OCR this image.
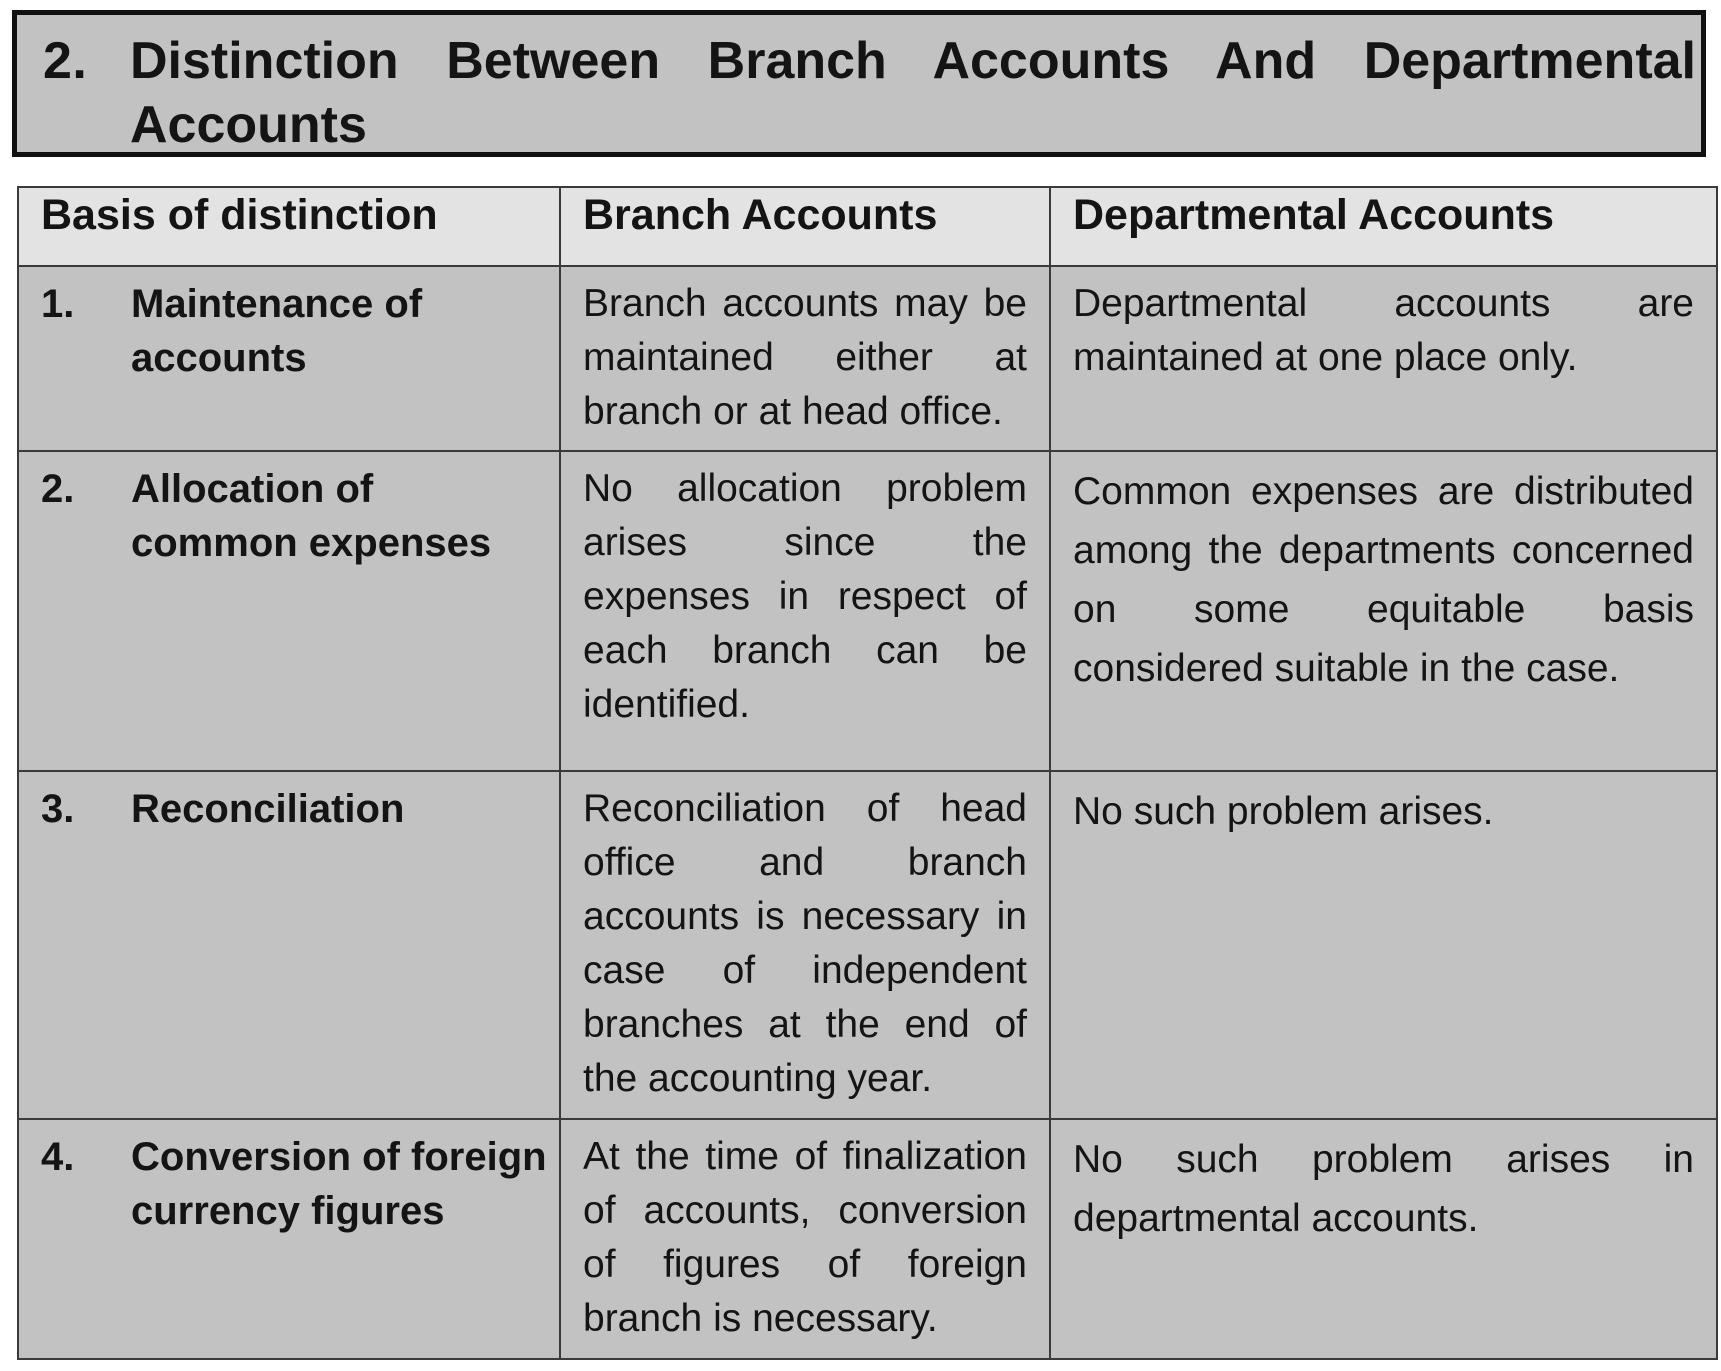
2. Distinction Between Branch Accounts And Departmental Accounts
Basis of distinction	Branch Accounts	Departmental Accounts

1. Maintenance of accounts	Branch accounts may be maintained either at branch or at head office.	Departmental accounts are maintained at one place only.

2. Allocation of common expenses	No allocation problem arises since the expenses in respect of each branch can be identified.	Common expenses are distributed among the departments concerned on some equitable basis considered suitable in the case.

3. Reconciliation	Reconciliation of head office and branch accounts is necessary in case of independent branches at the end of the accounting year.	No such problem arises.

4. Conversion of foreign currency figures	At the time of finalization of accounts, conversion of figures of foreign branch is necessary.	No such problem arises in departmental accounts.
